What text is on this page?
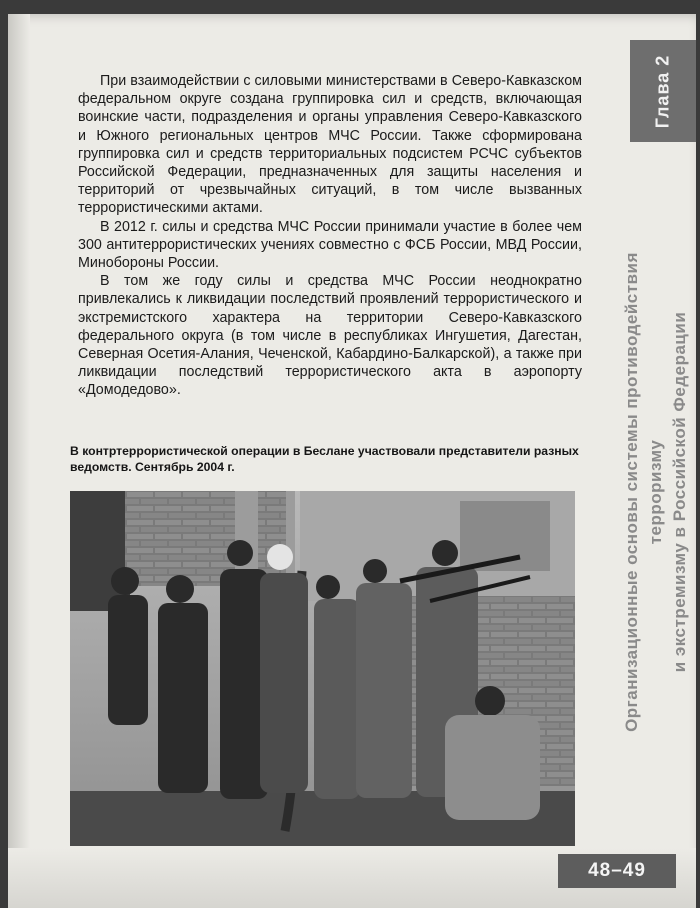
Глава 2
Организационные основы системы противодействия терроризму и экстремизму в Российской Федерации

При взаимодействии с силовыми министерствами в Северо-Кавказском федеральном округе создана группировка сил и средств, включающая воинские части, подразделения и органы управления Северо-Кавказского и Южного региональных центров МЧС России. Также сформирована группировка сил и средств территориальных подсистем РСЧС субъектов Российской Федерации, предназначенных для защиты населения и территорий от чрезвычайных ситуаций, в том числе вызванных террористическими актами.

В 2012 г. силы и средства МЧС России принимали участие в более чем 300 антитеррористических учениях совместно с ФСБ России, МВД России, Минобороны России.

В том же году силы и средства МЧС России неоднократно привлекались к ликвидации последствий проявлений террористического и экстремистского характера на территории Северо-Кавказского федерального округа (в том числе в республиках Ингушетия, Дагестан, Северная Осетия-Алания, Чеченской, Кабардино-Балкарской), а также при ликвидации последствий террористического акта в аэропорту «Домодедово».

В контртеррористической операции в Беслане участвовали представители разных ведомств. Сентябрь 2004 г.
48–49
